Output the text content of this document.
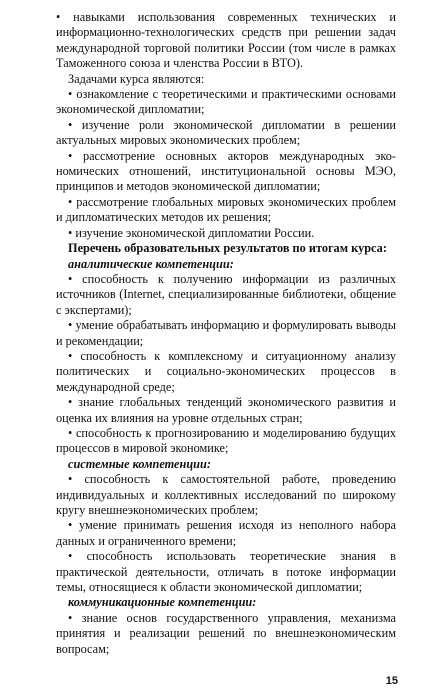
• навыками использования современных технических и информационно-технологических средств при решении задач международной торговой политики России (том числе в рамках Таможенного союза и членства России в ВТО).

Задачами курса являются:

• ознакомление с теоретическими и практическими основами экономической дипломатии;

• изучение роли экономической дипломатии в решении актуальных мировых экономических проблем;

• рассмотрение основных акторов международных экономических отношений, институциональной основы МЭО, принципов и методов экономической дипломатии;

• рассмотрение глобальных мировых экономических проблем и дипломатических методов их решения;

• изучение экономической дипломатии России.

Перечень образовательных результатов по итогам курса:

аналитические компетенции:

• способность к получению информации из различных источников (Internet, специализированные библиотеки, общение с экспертами);

• умение обрабатывать информацию и формулировать выводы и рекомендации;

• способность к комплексному и ситуационному анализу политических и социально-экономических процессов в международной среде;

• знание глобальных тенденций экономического развития и оценка их влияния на уровне отдельных стран;

• способность к прогнозированию и моделированию будущих процессов в мировой экономике;

системные компетенции:

• способность к самостоятельной работе, проведению индивидуальных и коллективных исследований по широкому кругу внешнеэкономических проблем;

• умение принимать решения исходя из неполного набора данных и ограниченного времени;

• способность использовать теоретические знания в практической деятельности, отличать в потоке информации темы, относящиеся к области экономической дипломатии;

коммуникационные компетенции:

• знание основ государственного управления, механизма принятия и реализации решений по внешнеэкономическим вопросам;

15
